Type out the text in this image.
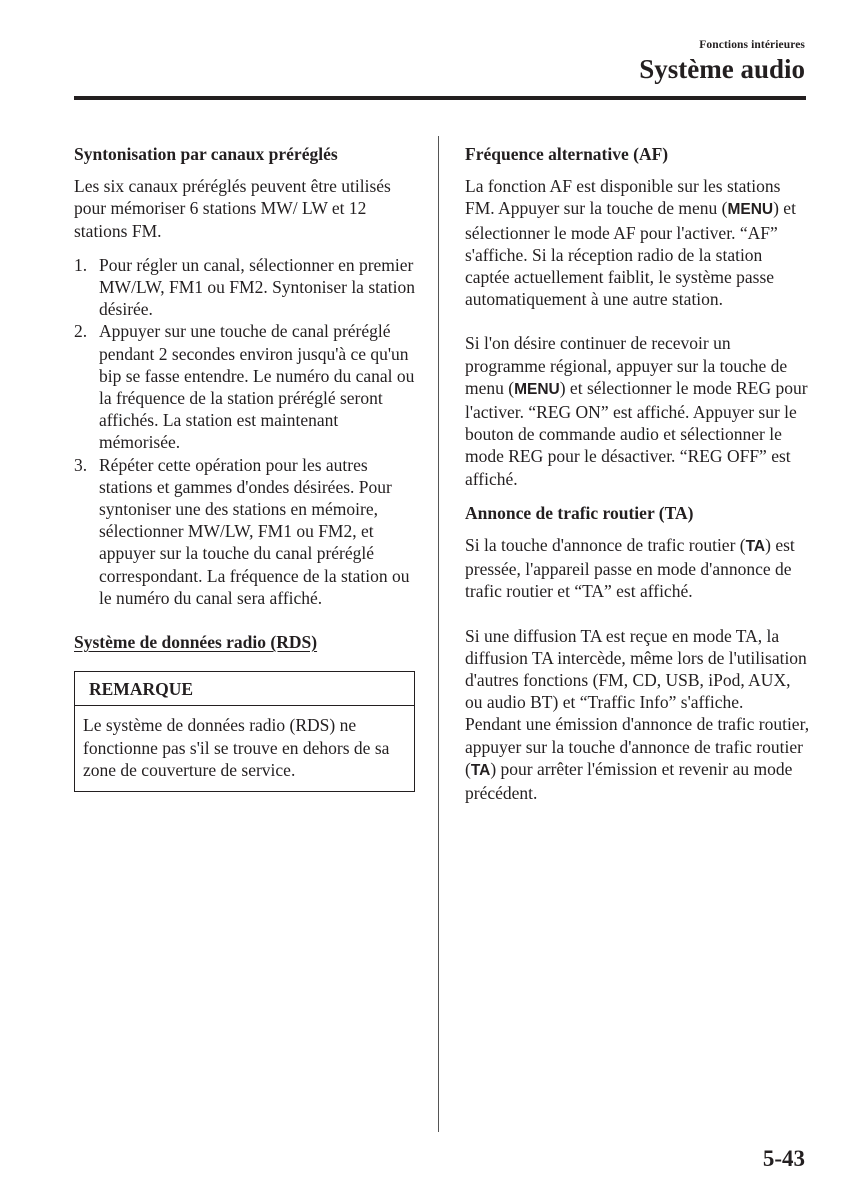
Fonctions intérieures
Système audio
Syntonisation par canaux préréglés

Les six canaux préréglés peuvent être utilisés pour mémoriser 6 stations MW/ LW et 12 stations FM.

1. Pour régler un canal, sélectionner en premier MW/LW, FM1 ou FM2. Syntoniser la station désirée.
2. Appuyer sur une touche de canal préréglé pendant 2 secondes environ jusqu'à ce qu'un bip se fasse entendre. Le numéro du canal ou la fréquence de la station préréglé seront affichés. La station est maintenant mémorisée.
3. Répéter cette opération pour les autres stations et gammes d'ondes désirées. Pour syntoniser une des stations en mémoire, sélectionner MW/LW, FM1 ou FM2, et appuyer sur la touche du canal préréglé correspondant. La fréquence de la station ou le numéro du canal sera affiché.
Système de données radio (RDS)
REMARQUE
Le système de données radio (RDS) ne fonctionne pas s'il se trouve en dehors de sa zone de couverture de service.
Fréquence alternative (AF)

La fonction AF est disponible sur les stations FM. Appuyer sur la touche de menu (MENU) et sélectionner le mode AF pour l'activer. “AF” s'affiche. Si la réception radio de la station captée actuellement faiblit, le système passe automatiquement à une autre station.

Si l'on désire continuer de recevoir un programme régional, appuyer sur la touche de menu (MENU) et sélectionner le mode REG pour l'activer. “REG ON” est affiché. Appuyer sur le bouton de commande audio et sélectionner le mode REG pour le désactiver. “REG OFF” est affiché.

Annonce de trafic routier (TA)

Si la touche d'annonce de trafic routier (TA) est pressée, l'appareil passe en mode d'annonce de trafic routier et “TA” est affiché.

Si une diffusion TA est reçue en mode TA, la diffusion TA intercède, même lors de l'utilisation d'autres fonctions (FM, CD, USB, iPod, AUX, ou audio BT) et “Traffic Info” s'affiche.

Pendant une émission d'annonce de trafic routier, appuyer sur la touche d'annonce de trafic routier (TA) pour arrêter l'émission et revenir au mode précédent.

5-43
